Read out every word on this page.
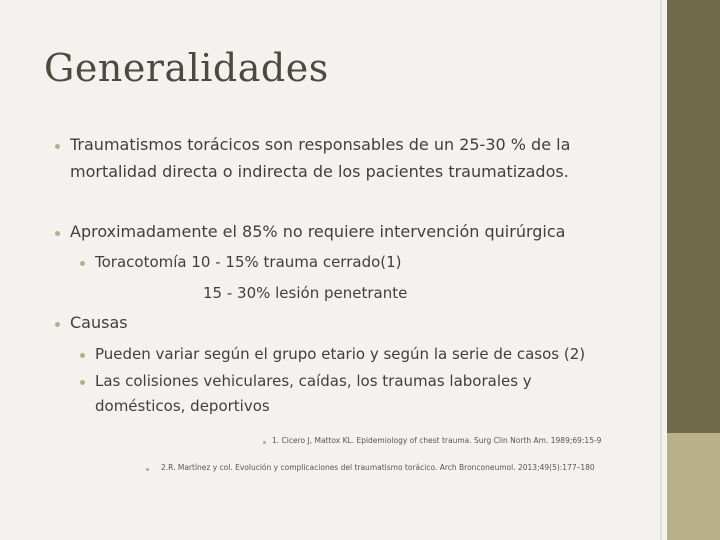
Generalidades
Traumatismos torácicos son responsables de un 25-30 % de la
mortalidad directa o indirecta de los pacientes traumatizados.
Aproximadamente el 85% no requiere intervención quirúrgica
Toracotomía 10 - 15% trauma cerrado(1)
15 - 30% lesión penetrante
Causas
Pueden variar según el grupo etario y según la serie de casos (2)
Las colisiones vehiculares, caídas, los traumas laborales y
domésticos, deportivos
1. Cicero J, Mattox KL. Epidemiology of chest trauma. Surg Clin North Am. 1989;69:15-9
2.R. Martínez y col. Evolución y complicaciones del traumatismo torácico. Arch Bronconeumol. 2013;49(5):177–180
